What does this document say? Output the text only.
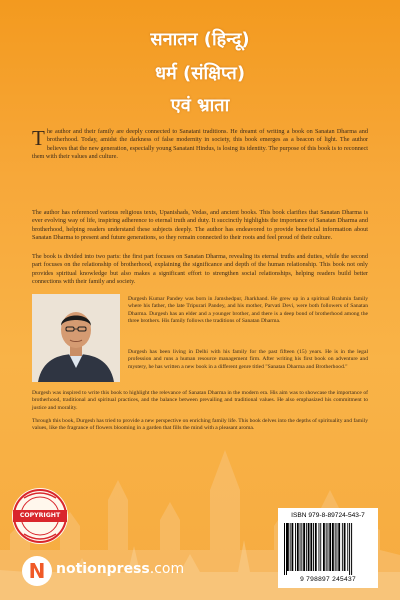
सनातन (हिन्दू)
धर्म (संक्षिप्त)
एवं भ्राता

The author and their family are deeply connected to Sanatani traditions. He dreamt of writing a book on Sanatan Dharma and brotherhood. Today, amidst the darkness of false modernity in society, this book emerges as a beacon of light. The author believes that the new generation, especially young Sanatani Hindus, is losing its identity. The purpose of this book is to reconnect them with their values and culture.

The author has referenced various religious texts, Upanishads, Vedas, and ancient books. This book clarifies that Sanatan Dharma is ever evolving way of life, inspiring adherence to eternal truth and duty. It succinctly highlights the importance of Sanatan Dharma and brotherhood, helping readers understand these subjects deeply. The author has endeavored to provide beneficial information about Sanatan Dharma to present and future generations, so they remain connected to their roots and feel proud of their culture.

The book is divided into two parts: the first part focuses on Sanatan Dharma, revealing its eternal truths and duties, while the second part focuses on the relationship of brotherhood, explaining the significance and depth of the human relationship. This book not only provides spiritual knowledge but also makes a significant effort to strengthen social relationships, helping readers build better connections with their family and society.

Durgesh Kumar Pandey was born in Jamshedpur, Jharkhand. He grew up in a spiritual Brahmin family where his father, the late Tripurari Pandey, and his mother, Parvati Devi, were both followers of Sanatan Dharma. Durgesh has an elder and a younger brother, and there is a deep bond of brotherhood among the three brothers. His family follows the traditions of Sanatan Dharma.

Durgesh has been living in Delhi with his family for the past fifteen (15) years. He is in the legal profession and runs a human resource management firm. After writing his first book on adventure and mystery, he has written a new book in a different genre titled "Sanatan Dharma and Brotherhood."

Durgesh was inspired to write this book to highlight the relevance of Sanatan Dharma in the modern era. His aim was to showcase the importance of brotherhood, traditional and spiritual practices, and the balance between prevailing and traditional values. He also emphasized his commitment to justice and morality.

Through this book, Durgesh has tried to provide a new perspective on enriching family life. This book delves into the depths of spirituality and family values, like the fragrance of flowers blooming in a garden that fills the mind with a pleasant aroma.

COPYRIGHT
N notionpress.com
ISBN 979-8-89724-543-7
9 798897 245437
